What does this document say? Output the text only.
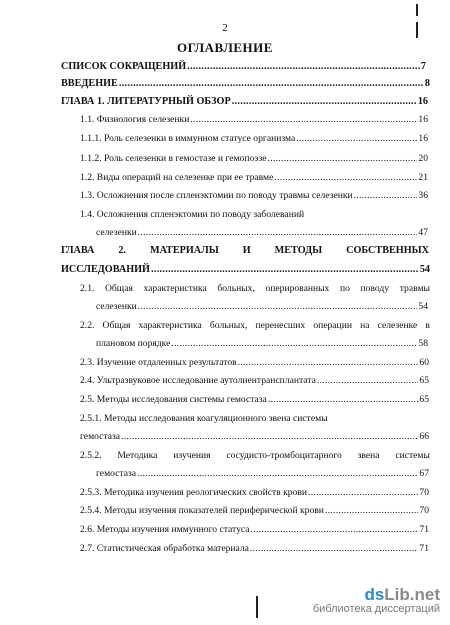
2
ОГЛАВЛЕНИЕ
СПИСОК СОКРАЩЕНИЙ .....	7
ВВЕДЕНИЕ .....	8
ГЛАВА 1. ЛИТЕРАТУРНЫЙ ОБЗОР .....	16
1.1. Физиология селезенки .....	16
1.1.1. Роль селезенки в иммунном статусе организма .....	16
1.1.2. Роль селезенки в гемостазе и гемопоэзе .....	20
1.2. Виды операций на селезенке при ее травме .....	21
1.3. Осложнения после спленэктомии по поводу травмы селезенки .....	36
1.4. Осложнения спленэктомии по поводу заболеваний
селезенки .....	47
ГЛАВА 2. МАТЕРИАЛЫ И МЕТОДЫ СОБСТВЕННЫХ
ИССЛЕДОВАНИЙ .....	54
2.1. Общая характеристика больных, оперированных по поводу травмы
селезенки .....	54
2.2. Общая характеристика больных, перенесших операции на селезенке в
плановом порядке .....	58
2.3. Изучение отдаленных результатов .....	60
2.4. Ультразвуковое исследование аутолиентрансплантата .....	65
2.5. Методы исследования системы гемостаза .....	65
2.5.1. Методы исследования коагуляционного звена системы
гемостаза .....	66
2.5.2. Методика изучения сосудисто-тромбоцитарного звена системы
гемостаза .....	67
2.5.3. Методика изучения реологических свойств крови .....	70
2.5.4. Методы изучения показателей периферической крови .....	70
2.6. Методы изучения иммунного статуса .....	71
2.7. Статистическая обработка материала .....	71
dsLib.net
библиотека диссертаций
